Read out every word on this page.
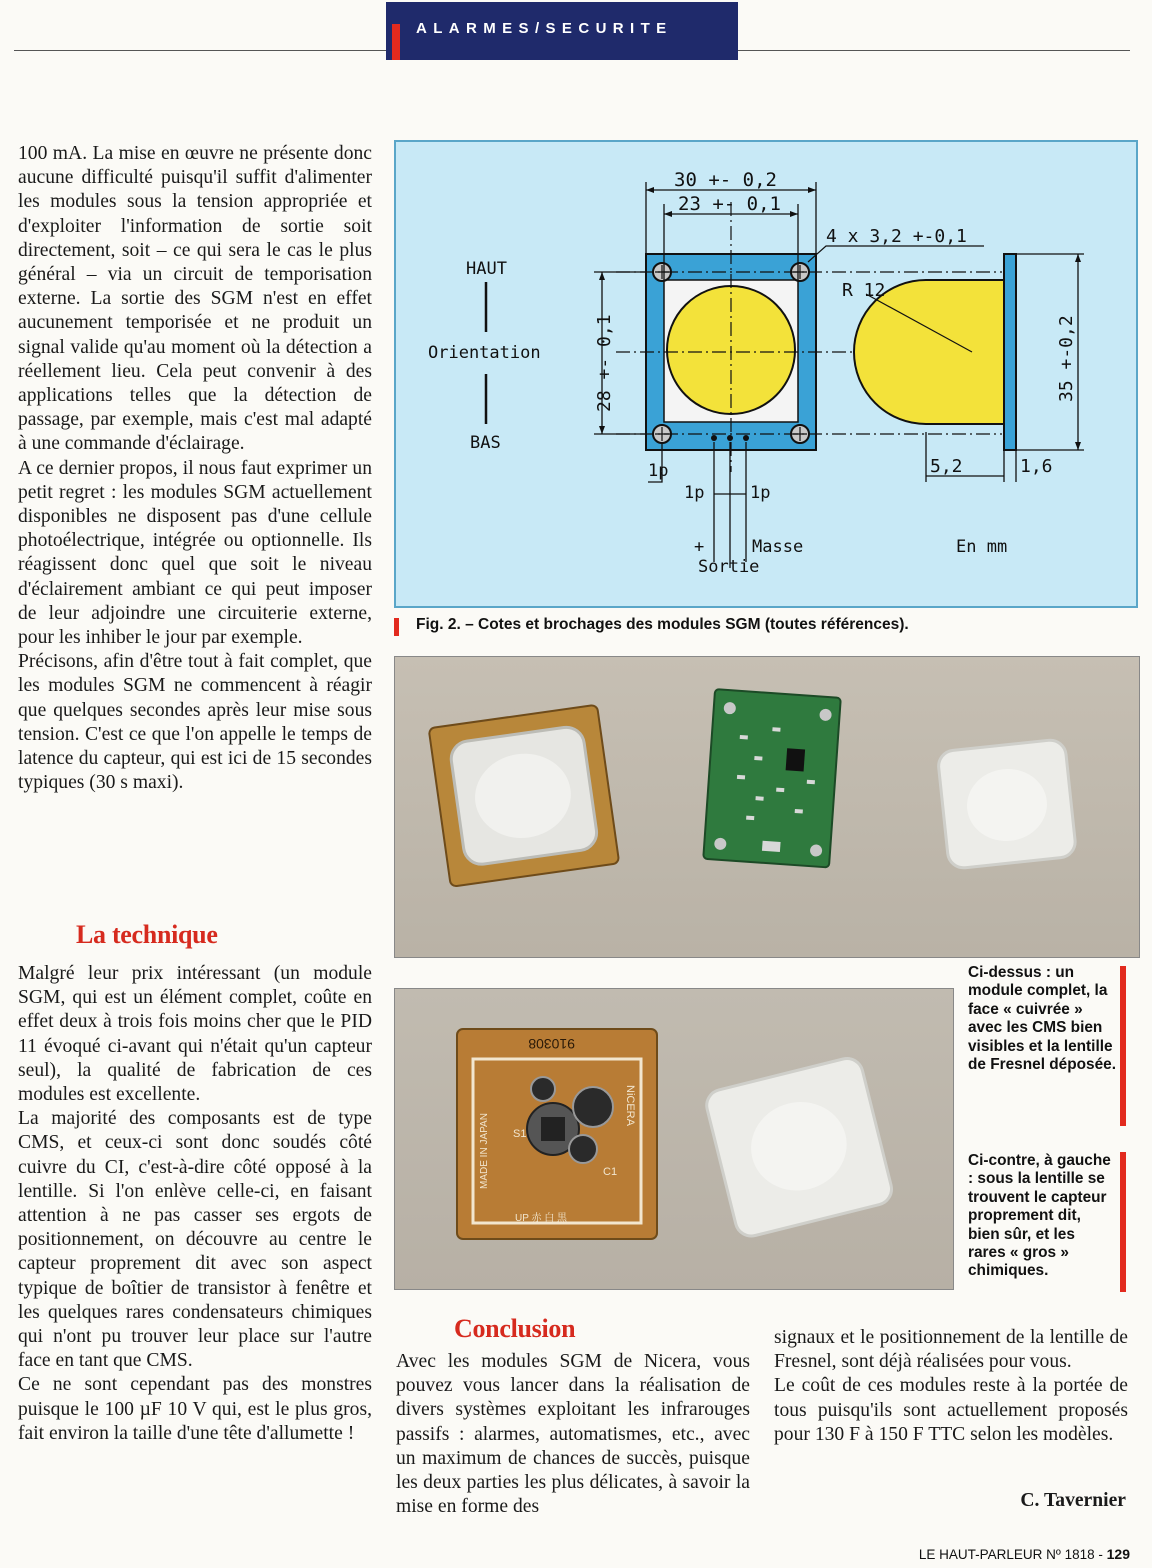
ALARMES/SECURITE

100 mA. La mise en œuvre ne présente donc aucune difficulté puisqu'il suffit d'alimenter les modules sous la tension appropriée et d'exploiter l'information de sortie soit directement, soit – ce qui sera le cas le plus général – via un circuit de temporisation externe. La sortie des SGM n'est en effet aucunement temporisée et ne produit un signal valide qu'au moment où la détection a réellement lieu. Cela peut convenir à des applications telles que la détection de passage, par exemple, mais c'est mal adapté à une commande d'éclairage.

A ce dernier propos, il nous faut exprimer un petit regret : les modules SGM actuellement disponibles ne disposent pas d'une cellule photoélectrique, intégrée ou optionnelle. Ils réagissent donc quel que soit le niveau d'éclairement ambiant ce qui peut imposer de leur adjoindre une circuiterie externe, pour les inhiber le jour par exemple.

Précisons, afin d'être tout à fait complet, que les modules SGM ne commencent à réagir que quelques secondes après leur mise sous tension. C'est ce que l'on appelle le temps de latence du capteur, qui est ici de 15 secondes typiques (30 s maxi).

La technique

Malgré leur prix intéressant (un module SGM, qui est un élément complet, coûte en effet deux à trois fois moins cher que le PID 11 évoqué ci-avant qui n'était qu'un capteur seul), la qualité de fabrication de ces modules est excellente.

La majorité des composants est de type CMS, et ceux-ci sont donc soudés côté cuivre du CI, c'est-à-dire côté opposé à la lentille. Si l'on enlève celle-ci, en faisant attention à ne pas casser ses ergots de positionnement, on découvre au centre le capteur proprement dit avec son aspect typique de boîtier de transistor à fenêtre et les quelques rares condensateurs chimiques qui n'ont pu trouver leur place sur l'autre face en tant que CMS.

Ce ne sont cependant pas des monstres puisque le 100 µF 10 V qui, est le plus gros, fait environ la taille d'une tête d'allumette !

30 +- 0,2
23 +- 0,1
4 x 3,2 +-0,1
28 +- 0,1
R 12
35 +-0,2
5,2	1,6
HAUT
Orientation
BAS
1p
1p	1p
+	Masse
Sortie
En mm
Fig. 2. – Cotes et brochages des modules SGM (toutes références).
910308
MADE IN JAPAN
NiCERA
S1
C1
UP 赤 白 黒
Ci-dessus : un module complet, la face « cuivrée » avec les CMS bien visibles et la lentille de Fresnel déposée.
Ci-contre, à gauche : sous la lentille se trouvent le capteur proprement dit, bien sûr, et les rares « gros » chimiques.
Conclusion

Avec les modules SGM de Nicera, vous pouvez vous lancer dans la réalisation de divers systèmes exploitant les infrarouges passifs : alarmes, automatismes, etc., avec un maximum de chances de succès, puisque les deux parties les plus délicates, à savoir la mise en forme des

signaux et le positionnement de la lentille de Fresnel, sont déjà réalisées pour vous.

Le coût de ces modules reste à la portée de tous puisqu'ils sont actuellement proposés pour 130 F à 150 F TTC selon les modèles.

C. Tavernier
LE HAUT-PARLEUR Nº 1818 - 129
